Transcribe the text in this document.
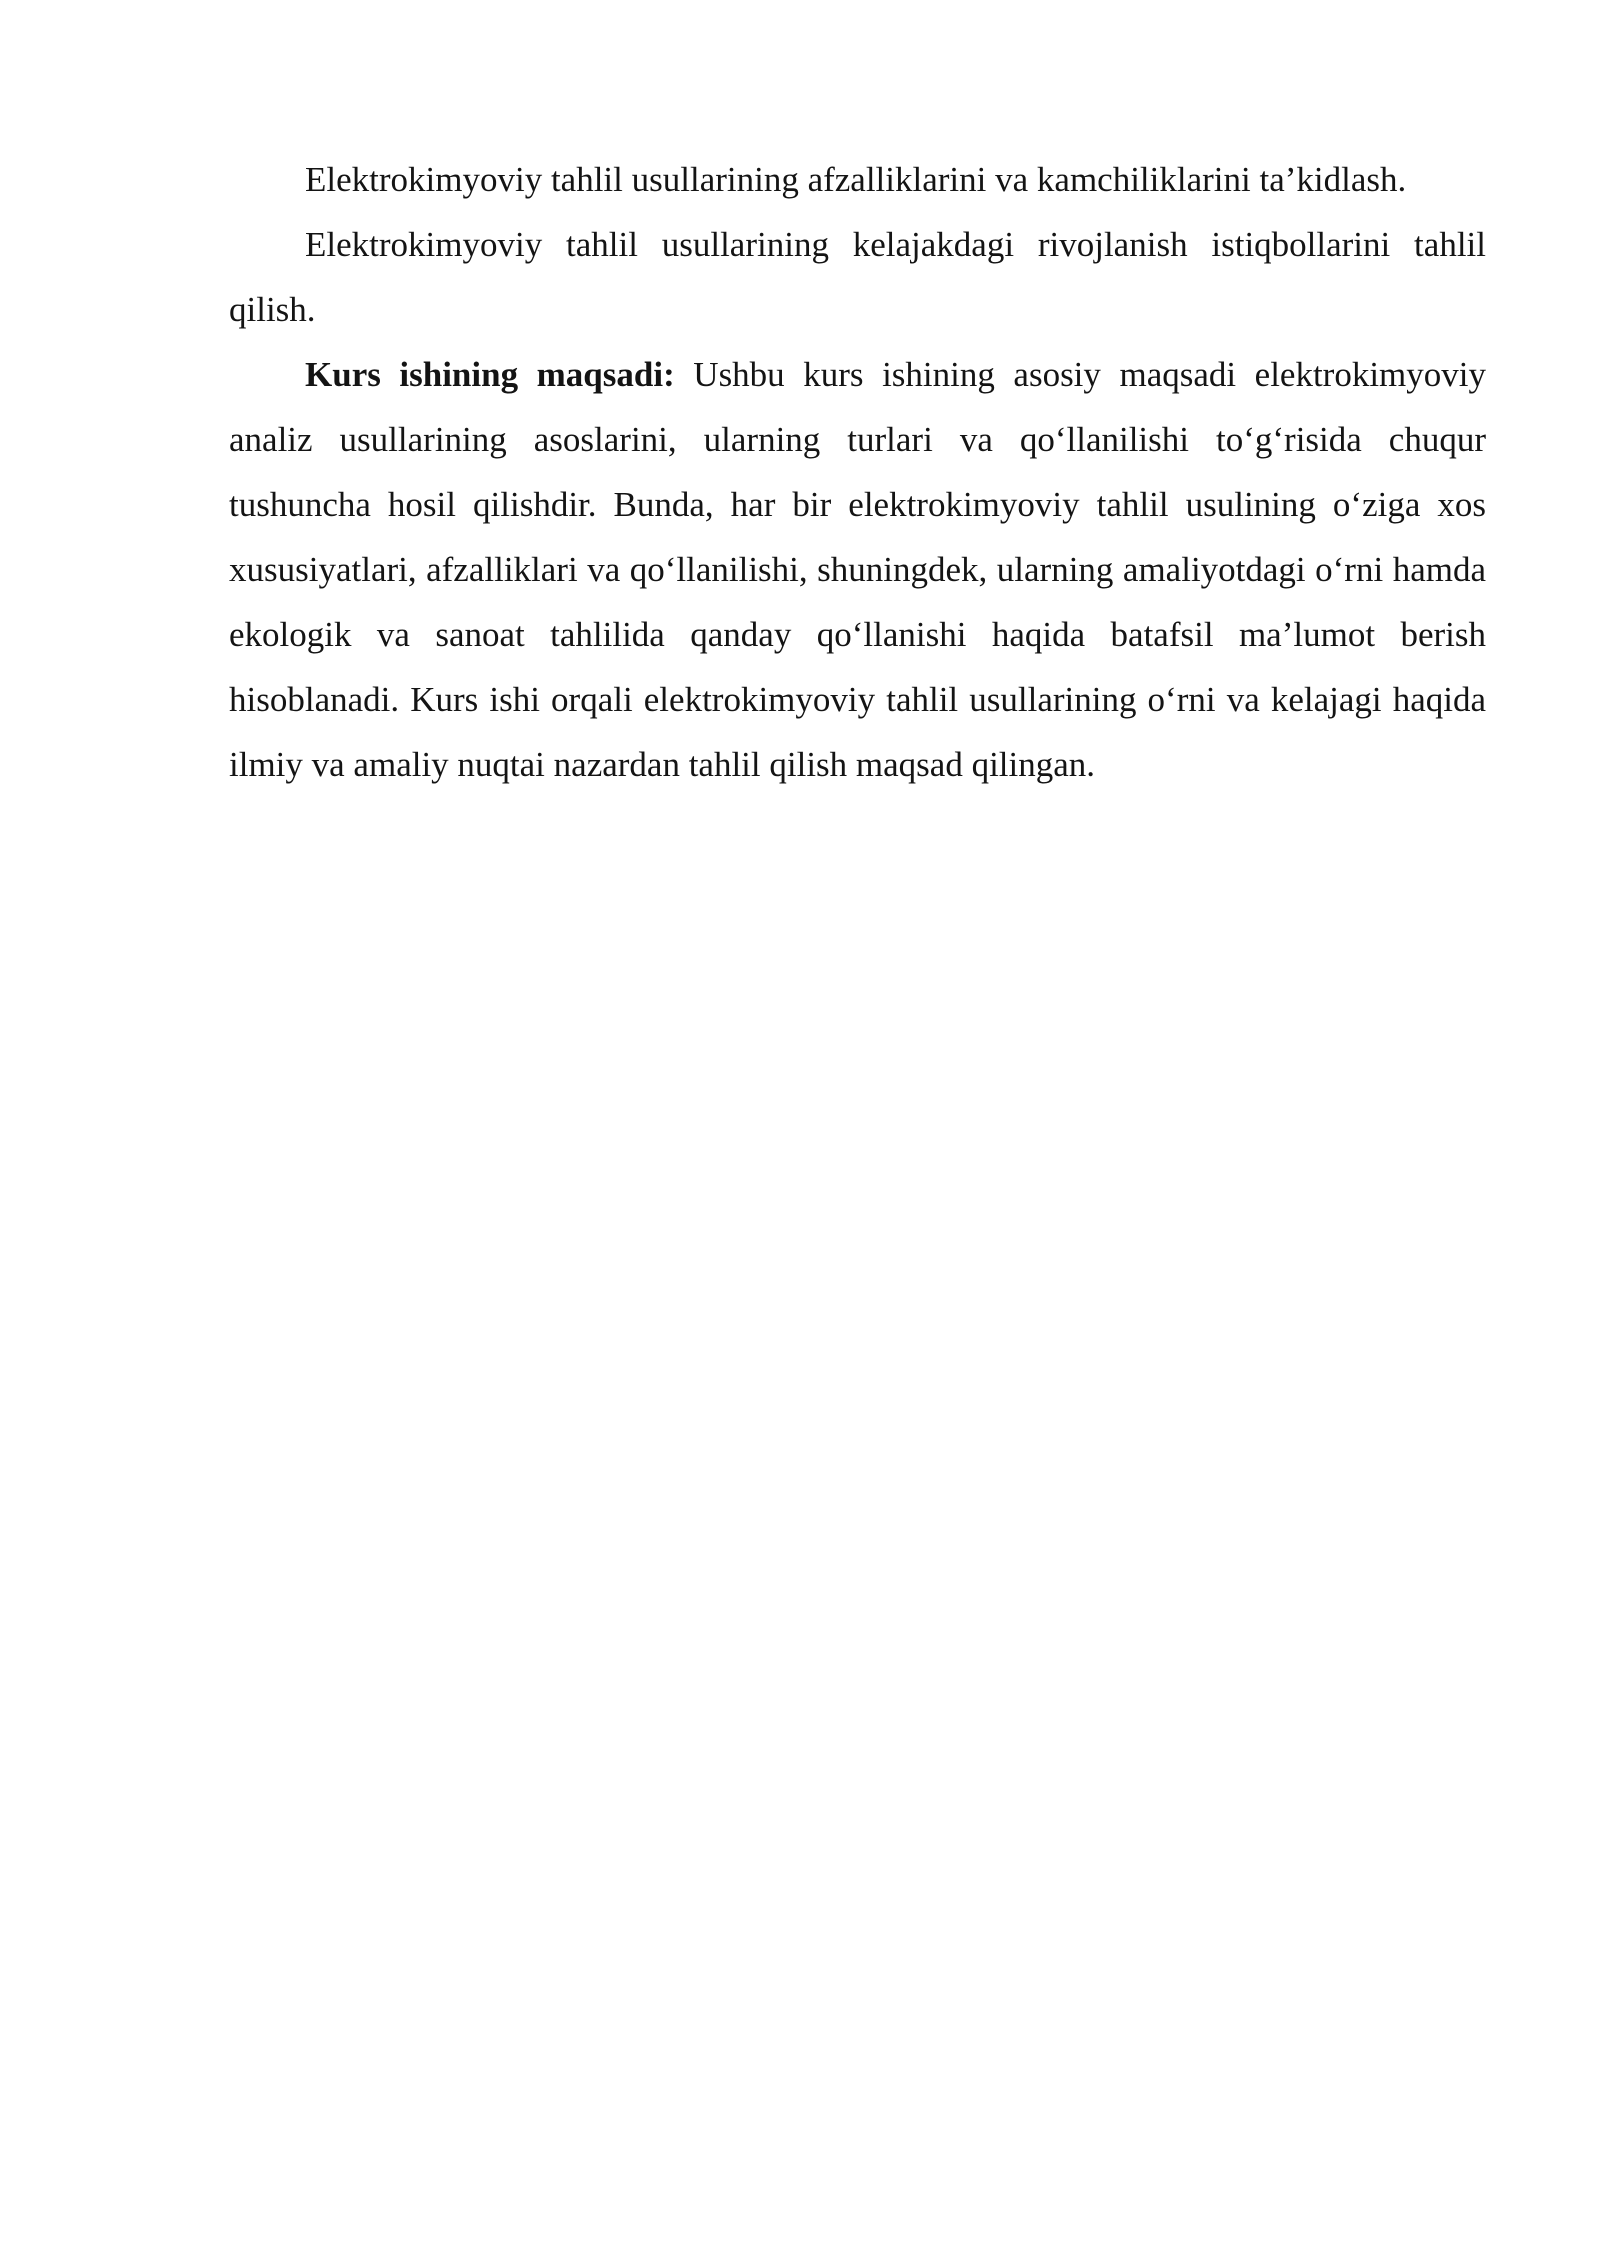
Elektrokimyoviy tahlil usullarining afzalliklarini va kamchiliklarini ta’kidlash.

Elektrokimyoviy tahlil usullarining kelajakdagi rivojlanish istiqbollarini tahlil qilish.

Kurs ishining maqsadi: Ushbu kurs ishining asosiy maqsadi elektrokimyoviy analiz usullarining asoslarini, ularning turlari va qo‘llanilishi to‘g‘risida chuqur tushuncha hosil qilishdir. Bunda, har bir elektrokimyoviy tahlil usulining o‘ziga xos xususiyatlari, afzalliklari va qo‘llanilishi, shuningdek, ularning amaliyotdagi o‘rni hamda ekologik va sanoat tahlilida qanday qo‘llanishi haqida batafsil ma’lumot berish hisoblanadi. Kurs ishi orqali elektrokimyoviy tahlil usullarining o‘rni va kelajagi haqida ilmiy va amaliy nuqtai nazardan tahlil qilish maqsad qilingan.
